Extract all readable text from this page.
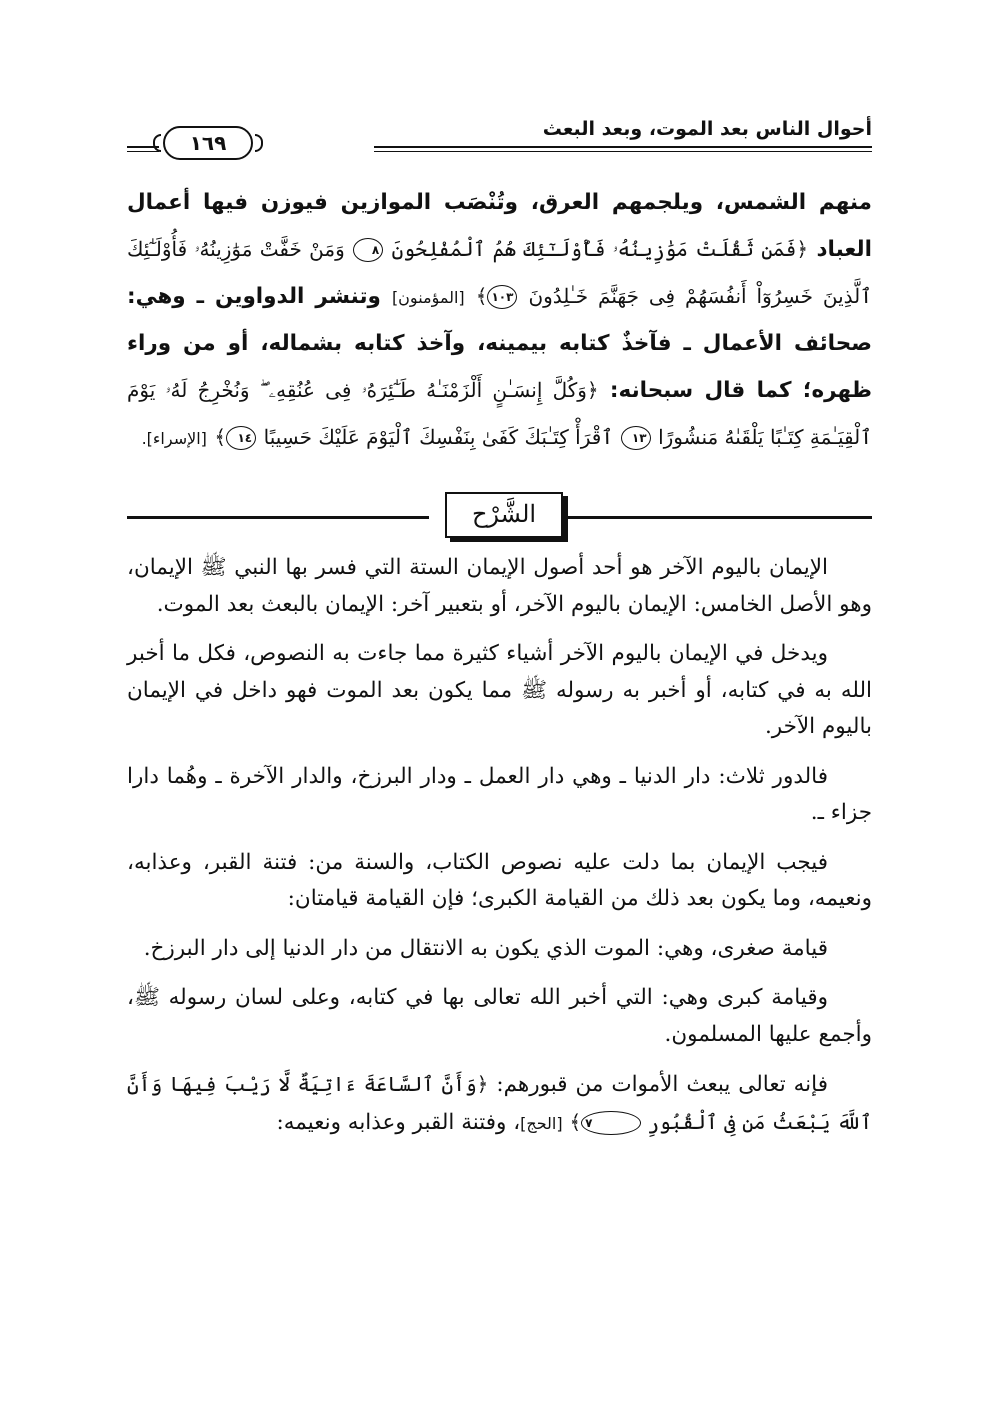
أحوال الناس بعد الموت، وبعد البعث
١٦٩
منهم الشمس، ويلجمهم العرق، وتُنْصَب الموازين فيوزن فيها أعمال العباد ﴿فَمَن ثَقُلَتْ مَوَٰزِينُهُۥ فَأُوْلَـٰٓئِكَ هُمُ ٱلْمُفْلِحُونَ ٨ وَمَنْ خَفَّتْ مَوَٰزِينُهُۥ فَأُوْلَـٰٓئِكَ ٱلَّذِينَ خَسِرُوٓاْ أَنفُسَهُمْ فِى جَهَنَّمَ خَـٰلِدُونَ ١٠٣﴾ [المؤمنون] وتنشر الدواوين ـ وهي: صحائف الأعمال ـ فآخذٌ كتابه بيمينه، وآخذ كتابه بشماله، أو من وراء ظهره؛ كما قال سبحانه: ﴿وَكُلَّ إِنسَـٰنٍ أَلْزَمْنَـٰهُ طَـٰٓئِرَهُۥ فِى عُنُقِهِۦ ۖ وَنُخْرِجُ لَهُۥ يَوْمَ ٱلْقِيَـٰمَةِ كِتَـٰبًا يَلْقَىٰهُ مَنشُورًا ١٣ ٱقْرَأْ كِتَـٰبَكَ كَفَىٰ بِنَفْسِكَ ٱلْيَوْمَ عَلَيْكَ حَسِيبًا ١٤﴾ [الإسراء].
الشَّرْح

الإيمان باليوم الآخر هو أحد أصول الإيمان الستة التي فسر بها النبي ﷺ الإيمان، وهو الأصل الخامس: الإيمان باليوم الآخر، أو بتعبير آخر: الإيمان بالبعث بعد الموت.

ويدخل في الإيمان باليوم الآخر أشياء كثيرة مما جاءت به النصوص، فكل ما أخبر الله به في كتابه، أو أخبر به رسوله ﷺ مما يكون بعد الموت فهو داخل في الإيمان باليوم الآخر.

فالدور ثلاث: دار الدنيا ـ وهي دار العمل ـ ودار البرزخ، والدار الآخرة ـ وهُما دارا جزاء ـ.

فيجب الإيمان بما دلت عليه نصوص الكتاب، والسنة من: فتنة القبر، وعذابه، ونعيمه، وما يكون بعد ذلك من القيامة الكبرى؛ فإن القيامة قيامتان:

قيامة صغرى، وهي: الموت الذي يكون به الانتقال من دار الدنيا إلى دار البرزخ.

وقيامة كبرى وهي: التي أخبر الله تعالى بها في كتابه، وعلى لسان رسوله ﷺ، وأجمع عليها المسلمون.

فإنه تعالى يبعث الأموات من قبورهم: ﴿وَأَنَّ ٱلسَّاعَةَ ءَاتِيَةٌ لَّا رَيْبَ فِيهَا وَأَنَّ ٱللَّهَ يَبْعَثُ مَن فِى ٱلْقُبُورِ ٧﴾ [الحج]، وفتنة القبر وعذابه ونعيمه:
